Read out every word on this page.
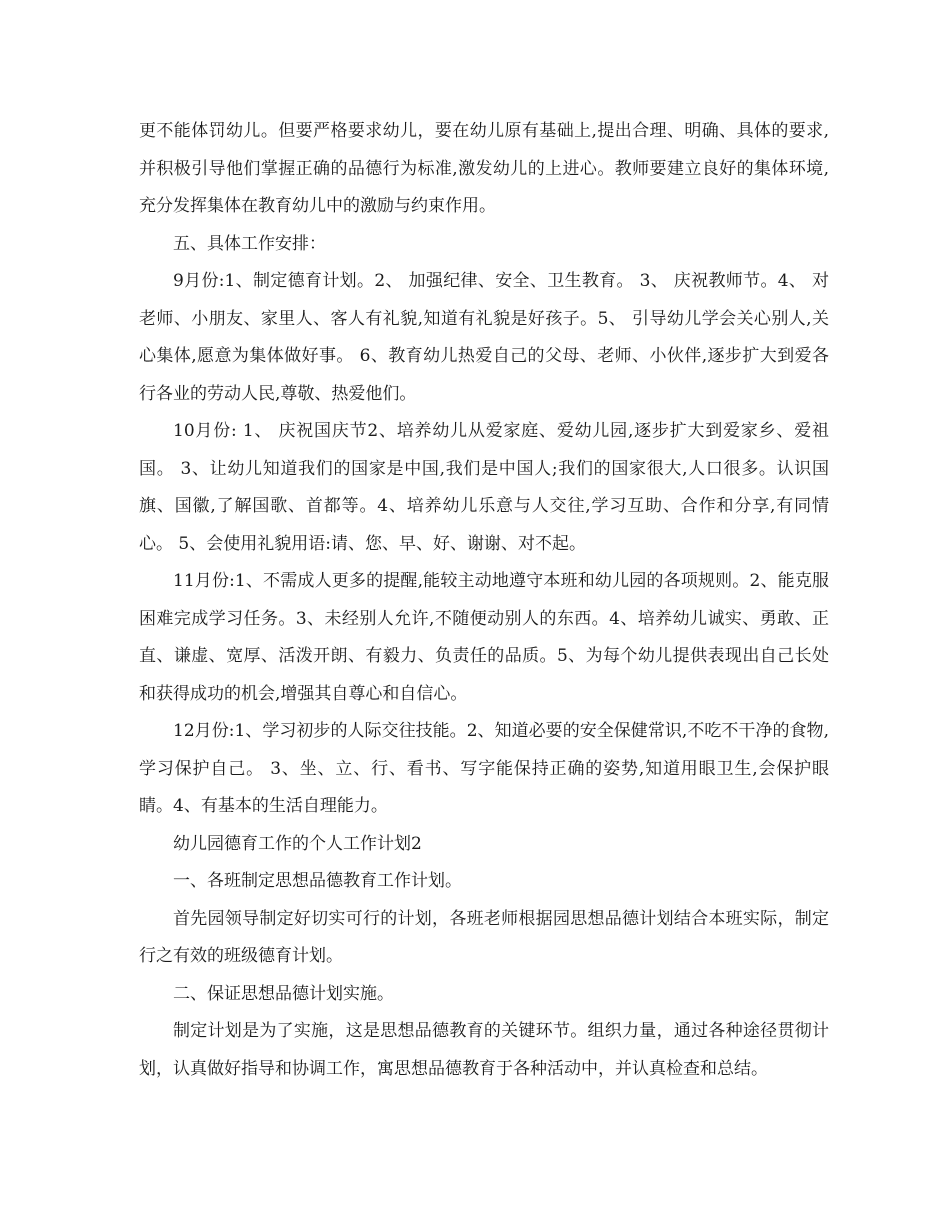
更不能体罚幼儿。但要严格要求幼儿，要在幼儿原有基础上,提出合理、明确、具体的要求,并积极引导他们掌握正确的品德行为标准,激发幼儿的上进心。教师要建立良好的集体环境,充分发挥集体在教育幼儿中的激励与约束作用。

五、具体工作安排：

9月份:1、制定德育计划。2、 加强纪律、安全、卫生教育。 3、 庆祝教师节。4、 对老师、小朋友、家里人、客人有礼貌,知道有礼貌是好孩子。5、 引导幼儿学会关心别人,关心集体,愿意为集体做好事。 6、教育幼儿热爱自己的父母、老师、小伙伴,逐步扩大到爱各行各业的劳动人民,尊敬、热爱他们。

10月份: 1、 庆祝国庆节2、培养幼儿从爱家庭、爱幼儿园,逐步扩大到爱家乡、爱祖国。 3、让幼儿知道我们的国家是中国,我们是中国人;我们的国家很大,人口很多。认识国旗、国徽,了解国歌、首都等。4、培养幼儿乐意与人交往,学习互助、合作和分享,有同情心。 5、会使用礼貌用语:请、您、早、好、谢谢、对不起。

11月份:1、不需成人更多的提醒,能较主动地遵守本班和幼儿园的各项规则。2、能克服困难完成学习任务。3、未经别人允许,不随便动别人的东西。4、培养幼儿诚实、勇敢、正直、谦虚、宽厚、活泼开朗、有毅力、负责任的品质。5、为每个幼儿提供表现出自己长处和获得成功的机会,增强其自尊心和自信心。

12月份:1、学习初步的人际交往技能。2、知道必要的安全保健常识,不吃不干净的食物,学习保护自己。 3、坐、立、行、看书、写字能保持正确的姿势,知道用眼卫生,会保护眼睛。4、有基本的生活自理能力。

幼儿园德育工作的个人工作计划2

一、各班制定思想品德教育工作计划。

首先园领导制定好切实可行的计划，各班老师根据园思想品德计划结合本班实际，制定行之有效的班级德育计划。

二、保证思想品德计划实施。

制定计划是为了实施，这是思想品德教育的关键环节。组织力量，通过各种途径贯彻计划，认真做好指导和协调工作，寓思想品德教育于各种活动中，并认真检查和总结。
